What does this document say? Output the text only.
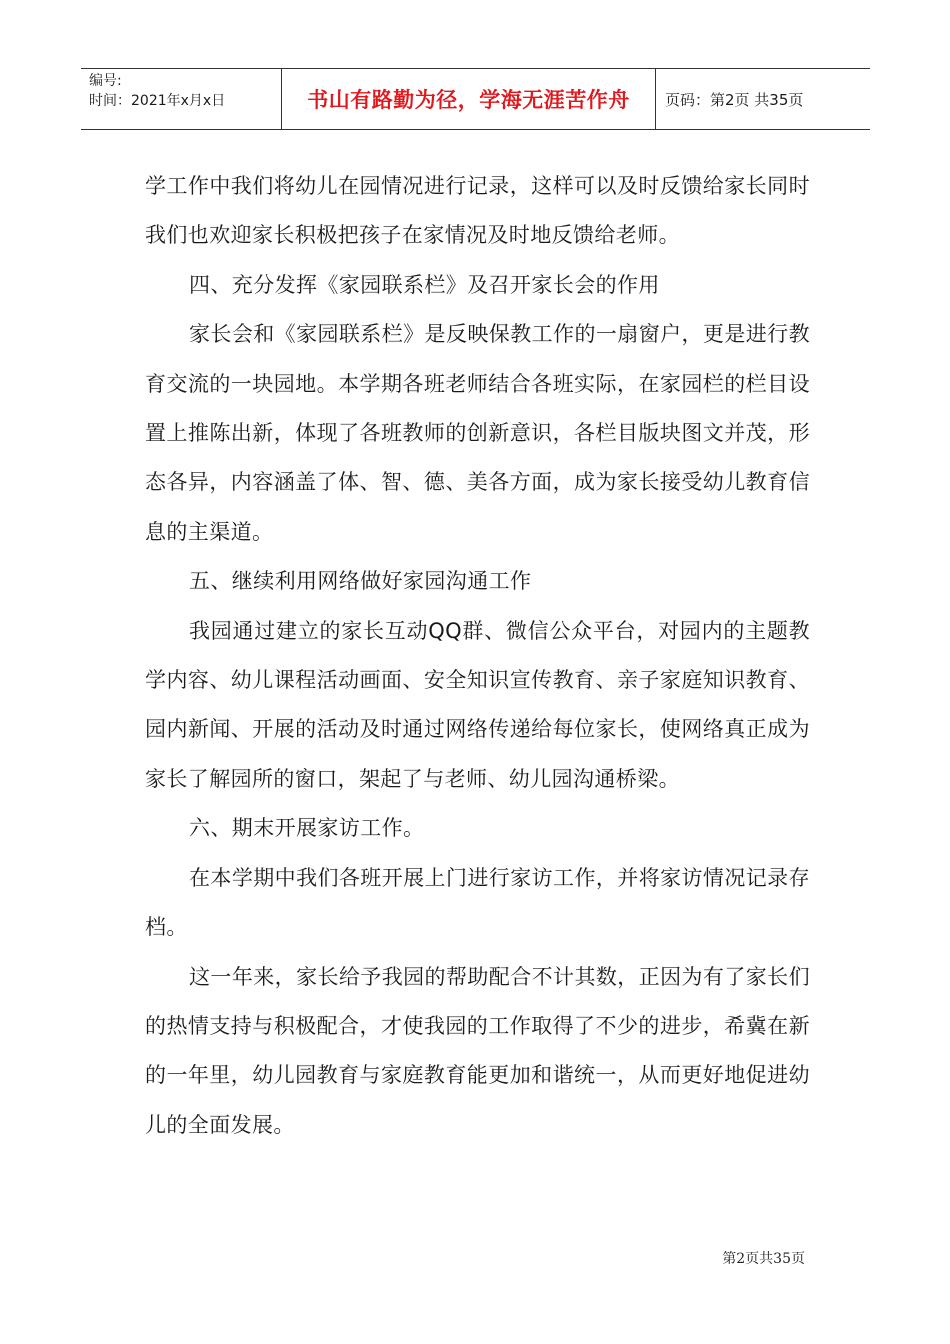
编号:
时间：2021年x月x日	书山有路勤为径，学海无涯苦作舟	页码：第2页 共35页

学工作中我们将幼儿在园情况进行记录，这样可以及时反馈给家长同时我们也欢迎家长积极把孩子在家情况及时地反馈给老师。

四、充分发挥《家园联系栏》及召开家长会的作用

家长会和《家园联系栏》是反映保教工作的一扇窗户，更是进行教育交流的一块园地。本学期各班老师结合各班实际，在家园栏的栏目设置上推陈出新，体现了各班教师的创新意识，各栏目版块图文并茂，形态各异，内容涵盖了体、智、德、美各方面，成为家长接受幼儿教育信息的主渠道。

五、继续利用网络做好家园沟通工作

我园通过建立的家长互动QQ群、微信公众平台，对园内的主题教学内容、幼儿课程活动画面、安全知识宣传教育、亲子家庭知识教育、园内新闻、开展的活动及时通过网络传递给每位家长，使网络真正成为家长了解园所的窗口，架起了与老师、幼儿园沟通桥梁。

六、期末开展家访工作。

在本学期中我们各班开展上门进行家访工作，并将家访情况记录存档。

这一年来，家长给予我园的帮助配合不计其数，正因为有了家长们的热情支持与积极配合，才使我园的工作取得了不少的进步，希冀在新的一年里，幼儿园教育与家庭教育能更加和谐统一，从而更好地促进幼儿的全面发展。

第2页共35页
